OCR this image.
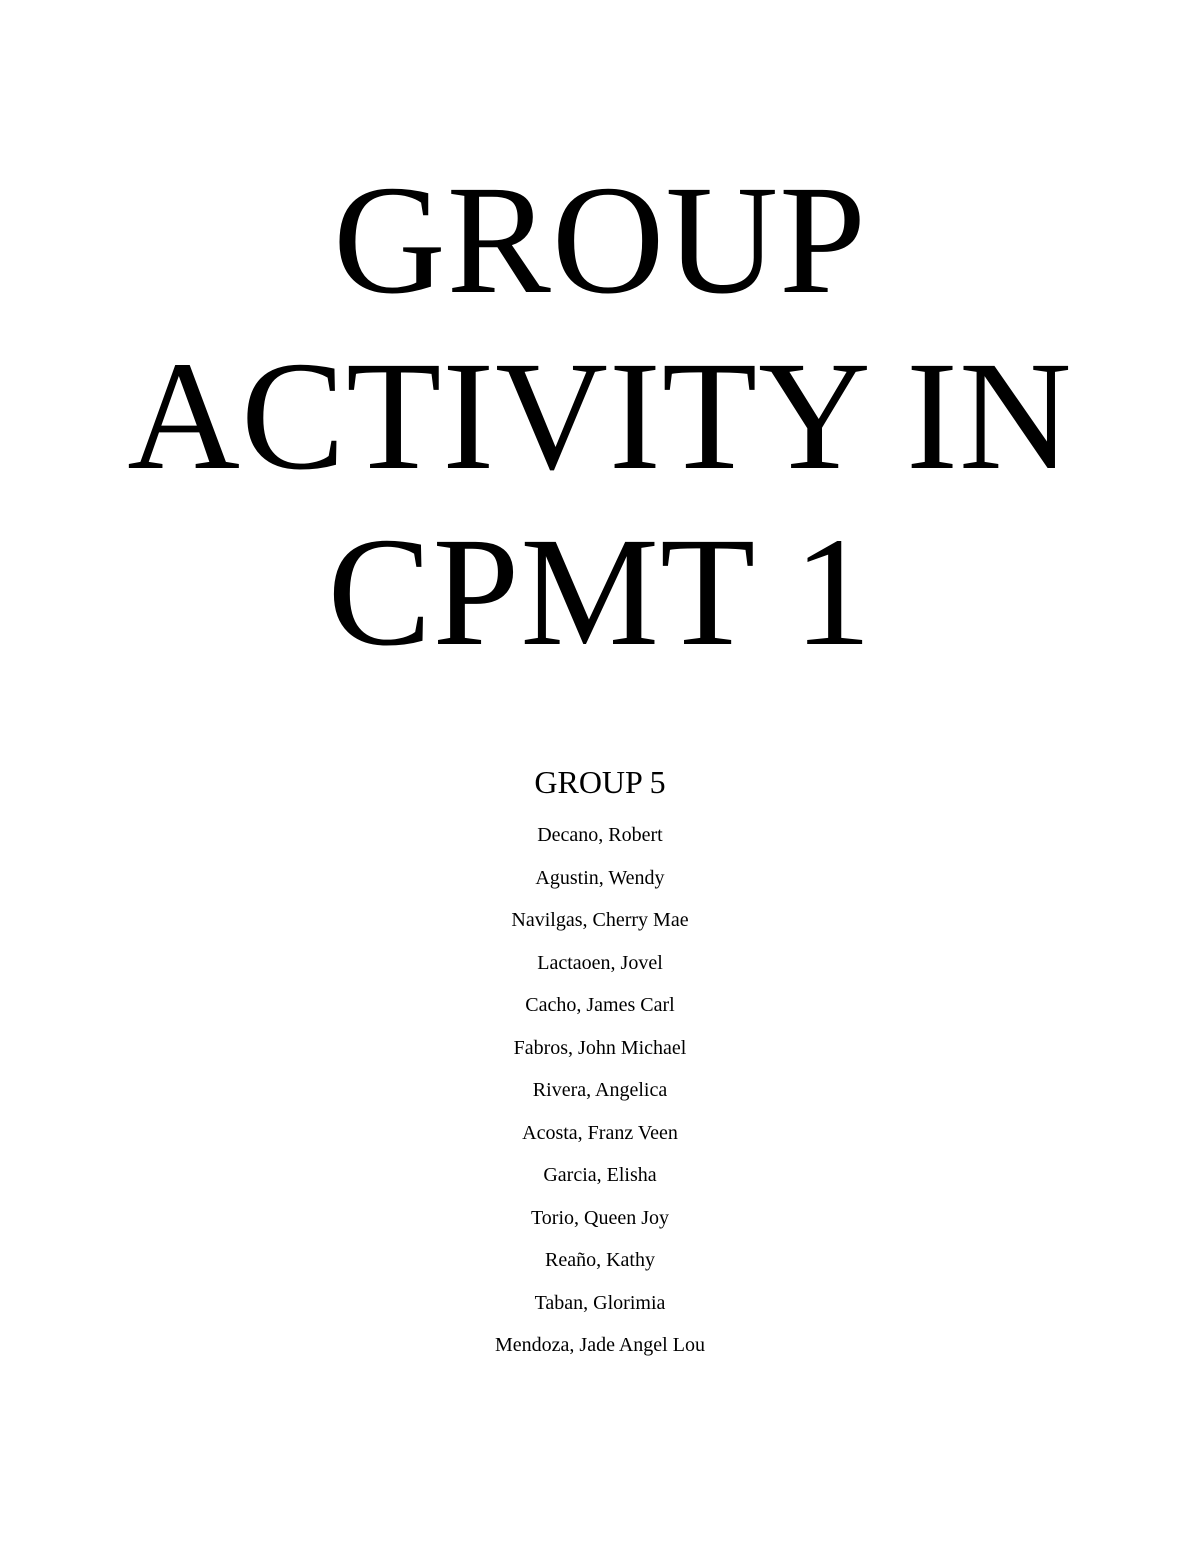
GROUP
ACTIVITY IN
CPMT 1
GROUP 5
Decano, Robert
Agustin, Wendy
Navilgas, Cherry Mae
Lactaoen, Jovel
Cacho, James Carl
Fabros, John Michael
Rivera, Angelica
Acosta, Franz Veen
Garcia, Elisha
Torio, Queen Joy
Reaño, Kathy
Taban, Glorimia
Mendoza, Jade Angel Lou
